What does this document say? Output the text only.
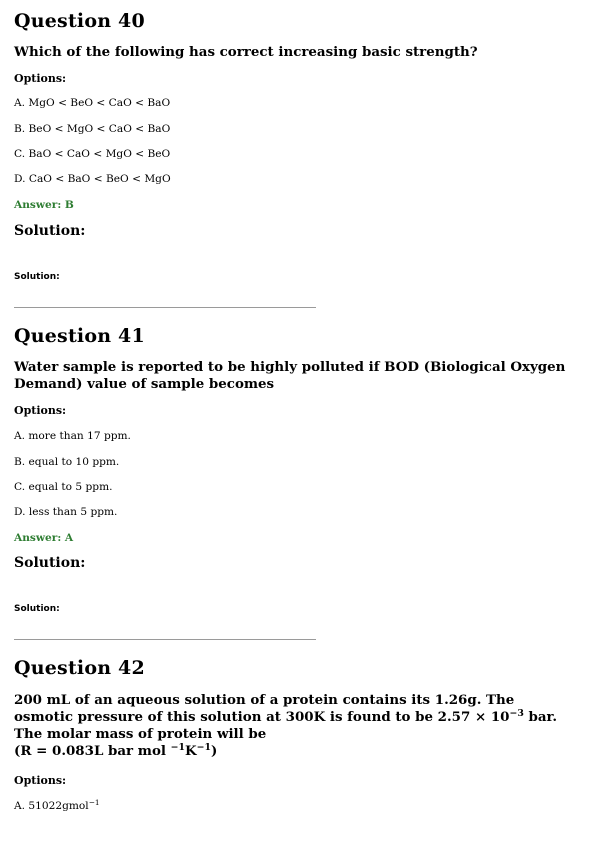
Question 40
Which of the following has correct increasing basic strength?
Options:
A. MgO < BeO < CaO < BaO
B. BeO < MgO < CaO < BaO
C. BaO < CaO < MgO < BeO
D. CaO < BaO < BeO < MgO
Answer: B
Solution:
Solution:
Question 41
Water sample is reported to be highly polluted if BOD (Biological Oxygen Demand) value of sample becomes
Options:
A. more than 17 ppm.
B. equal to 10 ppm.
C. equal to 5 ppm.
D. less than 5 ppm.
Answer: A
Solution:
Solution:
Question 42
200 mL of an aqueous solution of a protein contains its 1.26g. The
osmotic pressure of this solution at 300K is found to be $2.57 \times 10^{-3}$ bar.
The molar mass of protein will be
(R = 0.083L bar mol $^{-1}K^{-1}$)
Options:
A. 51022gmol$^{-1}$
